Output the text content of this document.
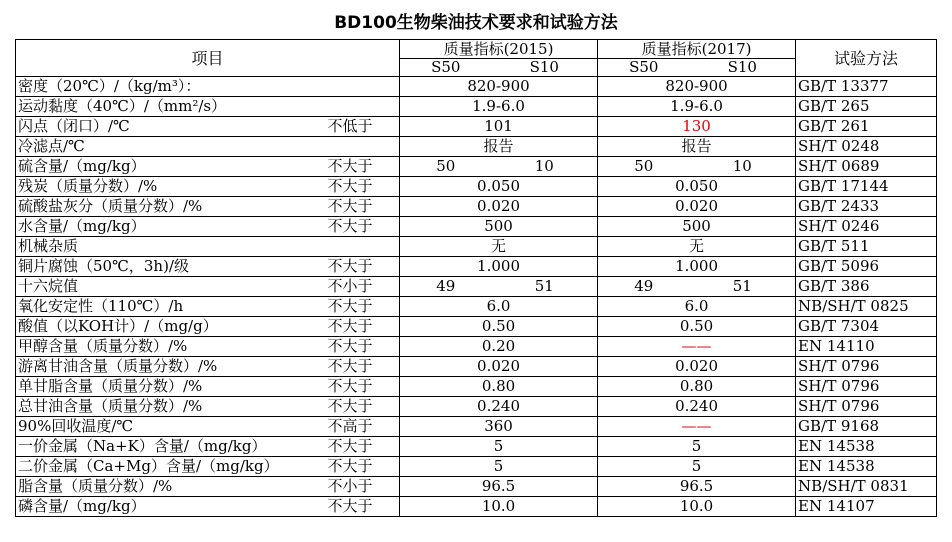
BD100生物柴油技术要求和试验方法
项目		质量指标(2015)		质量指标(2017)		试验方法
		S50	S10	S50	S10	
密度（20℃）/（kg/m³）：		820-900		820-900		GB/T 13377
运动黏度（40℃）/（mm²/s）		1.9-6.0		1.9-6.0		GB/T 265
闪点（闭口）/℃	不低于	101		130		GB/T 261
冷滤点/℃		报告		报告		SH/T 0248
硫含量/（mg/kg）	不大于	50	10	50	10	SH/T 0689
残炭（质量分数）/%	不大于	0.050		0.050		GB/T 17144
硫酸盐灰分（质量分数）/%	不大于	0.020		0.020		GB/T 2433
水含量/（mg/kg）	不大于	500		500		SH/T 0246
机械杂质		无		无		GB/T 511
铜片腐蚀（50℃，3h)/级	不大于	1.000		1.000		GB/T 5096
十六烷值	不小于	49	51	49	51	GB/T 386
氧化安定性（110℃）/h	不大于	6.0		6.0		NB/SH/T 0825
酸值（以KOH计）/（mg/g）	不大于	0.50		0.50		GB/T 7304
甲醇含量（质量分数）/%	不大于	0.20		——		EN 14110
游离甘油含量（质量分数）/%	不大于	0.020		0.020		SH/T 0796
单甘脂含量（质量分数）/%	不大于	0.80		0.80		SH/T 0796
总甘油含量（质量分数）/%	不大于	0.240		0.240		SH/T 0796
90%回收温度/℃	不高于	360		——		GB/T 9168
一价金属（Na+K）含量/（mg/kg）	不大于	5		5		EN 14538
二价金属（Ca+Mg）含量/（mg/kg）	不大于	5		5		EN 14538
脂含量（质量分数）/%	不小于	96.5		96.5		NB/SH/T 0831
磷含量/（mg/kg）	不大于	10.0		10.0		EN 14107
